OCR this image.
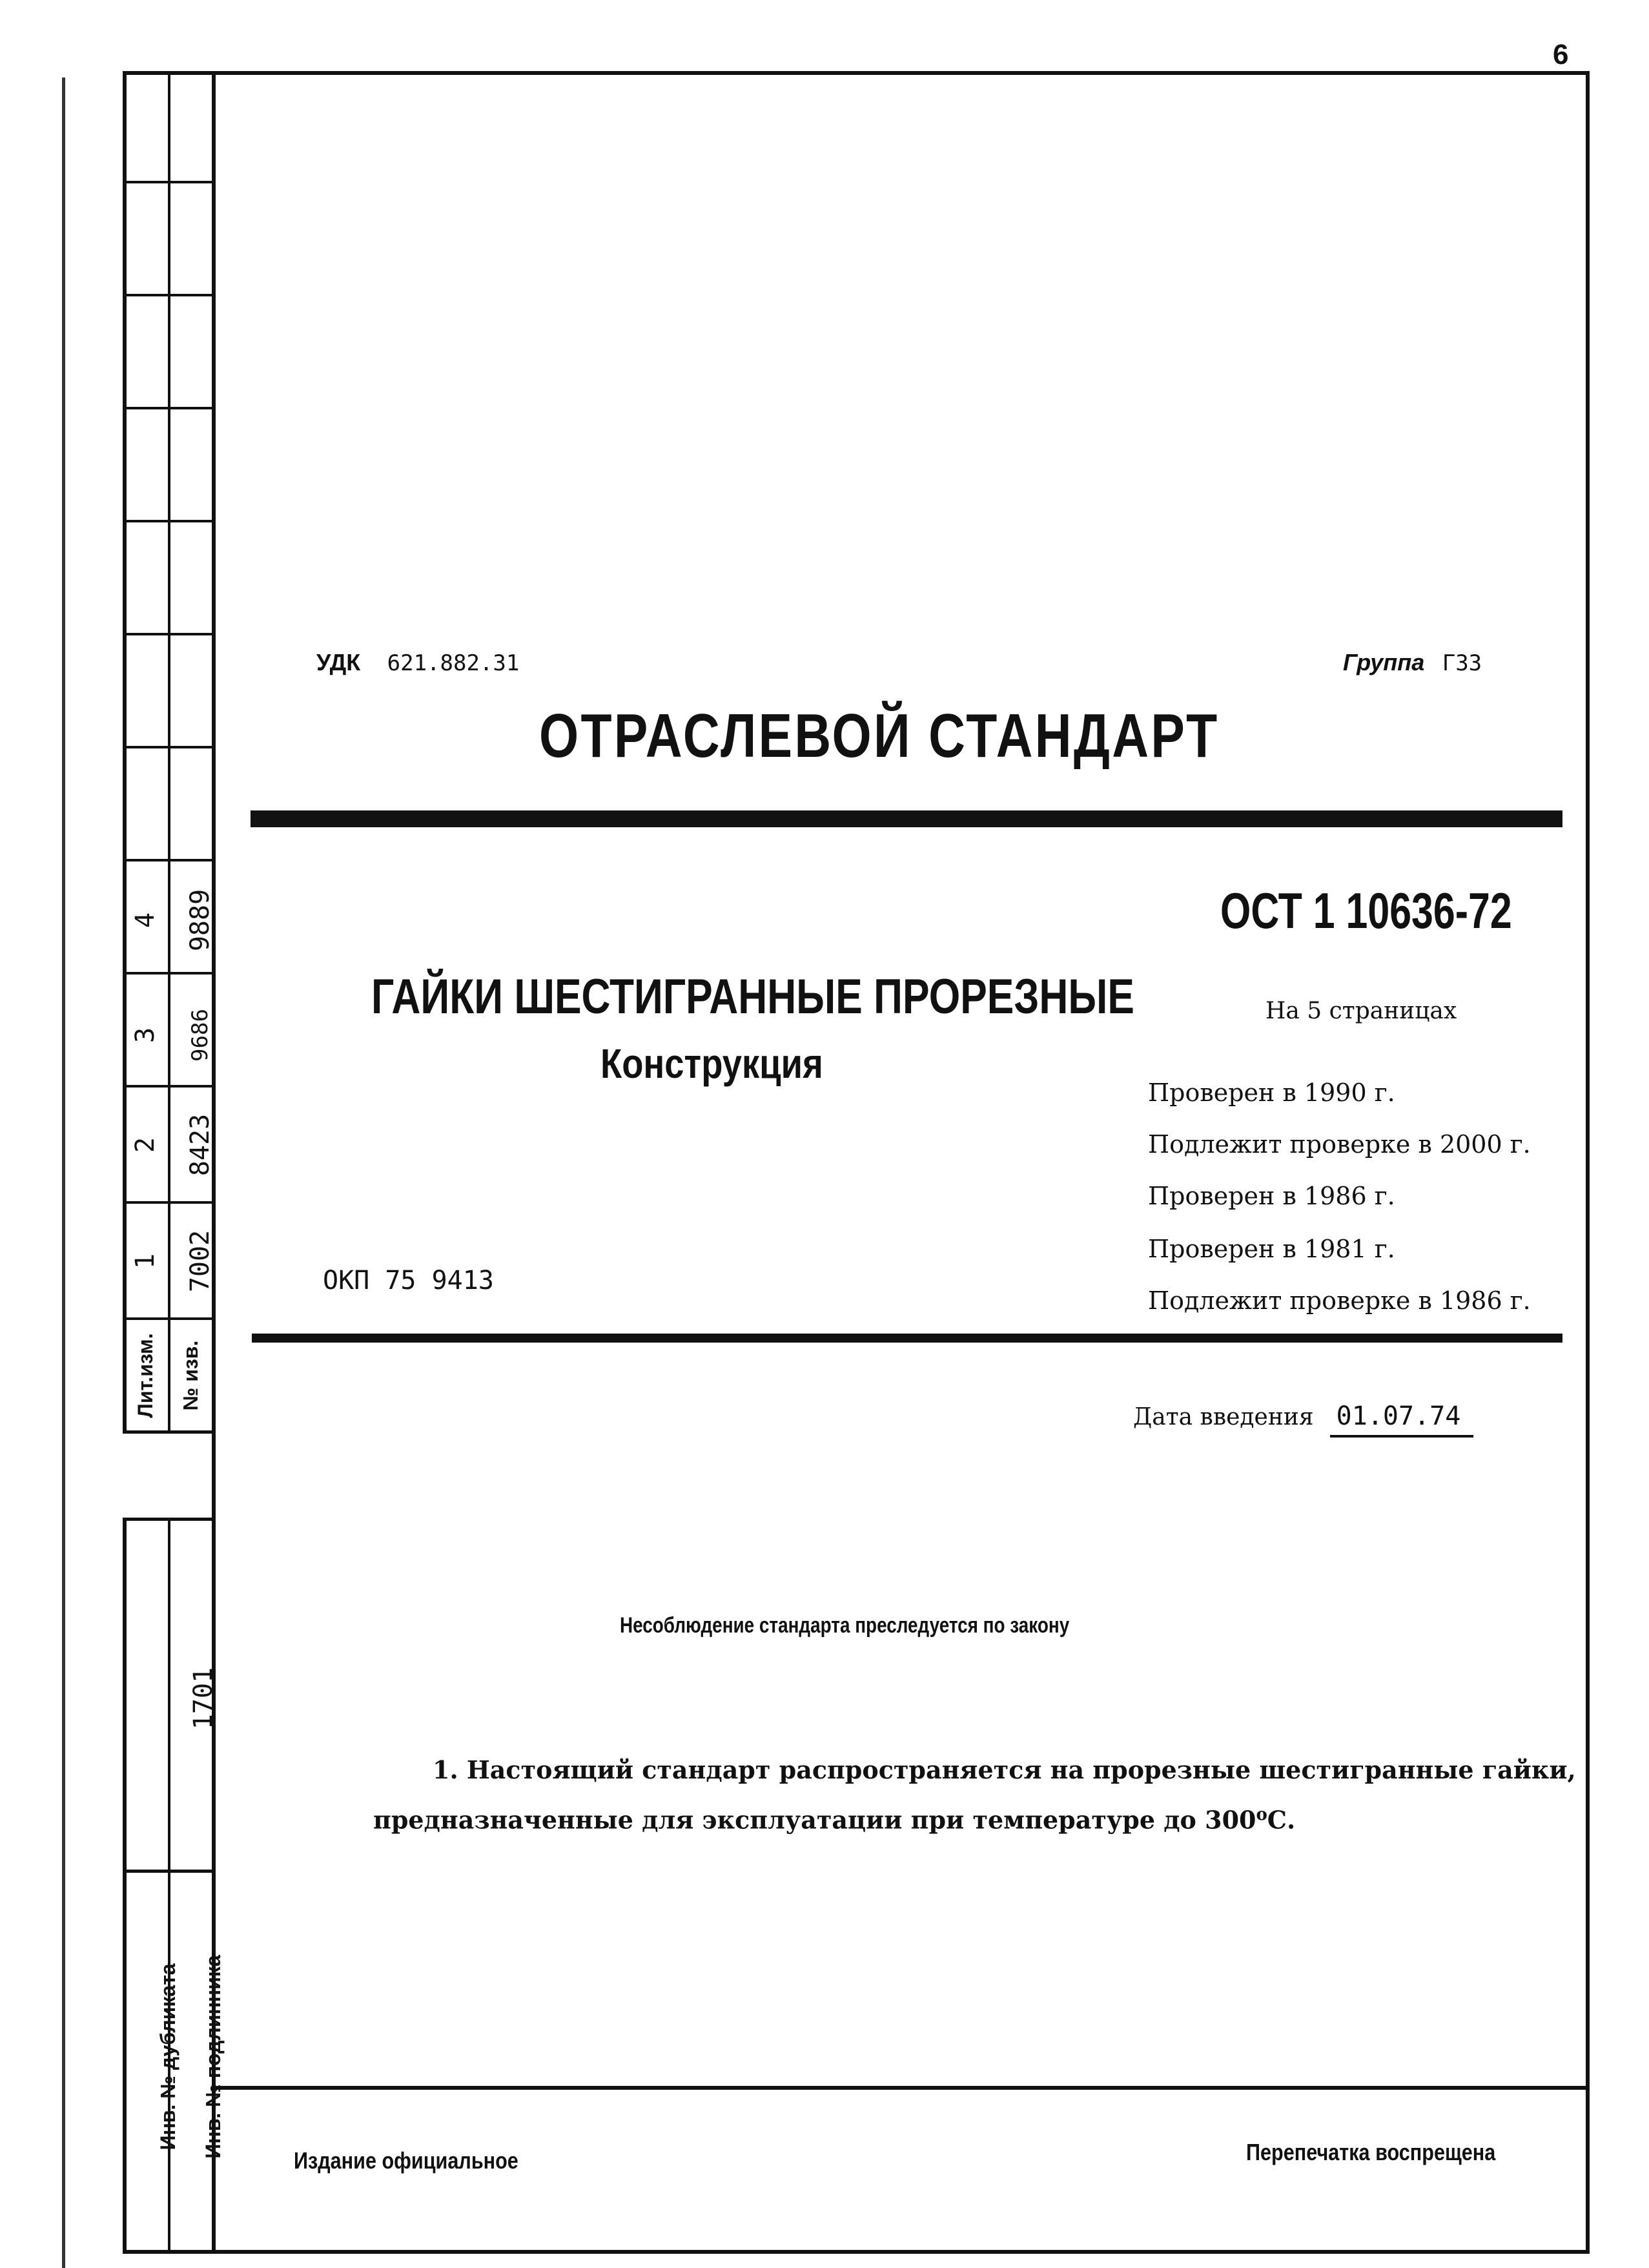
4
3
2
1
Лит.изм.
9889
9686
8423
7002
№ изв.
1701
Инв. № дубликата Инв. № подлинника
6
УДК 621.882.31	Группа Г33
ОТРАСЛЕВОЙ СТАНДАРТ
ОСТ 1 10636-72
ГАЙКИ ШЕСТИГРАННЫЕ ПРОРЕЗНЫЕ
Конструкция
На 5 страницах
Проверен в 1990 г.
Подлежит проверке в 2000 г.
Проверен в 1986 г.
Проверен в 1981 г.
Подлежит проверке в 1986 г.
ОКП 75 9413
Дата введения 01.07.74
Несоблюдение стандарта преследуется по закону
1. Настоящий стандарт распространяется на прорезные шестигранные гайки,
предназначенные для эксплуатации при температуре до 300$^o$С.
Издание официальное	Перепечатка воспрещена
